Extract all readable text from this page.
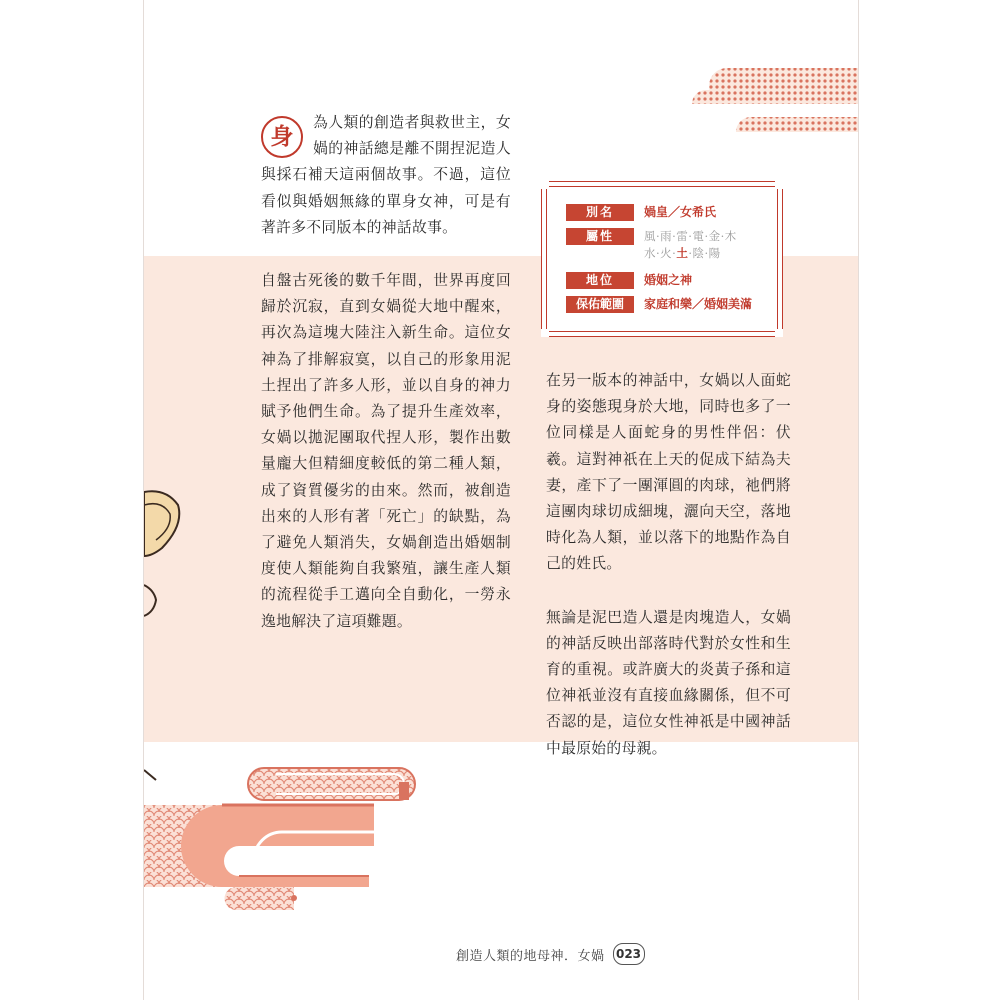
身
為人類的創造者與救世主，女媧的神話總是離不開捏泥造人與採石補天這兩個故事。不過，這位看似與婚姻無緣的單身女神，可是有著許多不同版本的神話故事。

自盤古死後的數千年間，世界再度回歸於沉寂，直到女媧從大地中醒來，再次為這塊大陸注入新生命。這位女神為了排解寂寞，以自己的形象用泥土捏出了許多人形，並以自身的神力賦予他們生命。為了提升生產效率，女媧以拋泥團取代捏人形，製作出數量龐大但精細度較低的第二種人類，成了資質優劣的由來。然而，被創造出來的人形有著「死亡」的缺點，為了避免人類消失，女媧創造出婚姻制度使人類能夠自我繁殖，讓生產人類的流程從手工邁向全自動化，一勞永逸地解決了這項難題。

別名	媧皇／女希氏
屬性	風·雨·雷·電·金·木
水·火·土·陰·陽
地位	婚姻之神
保佑範圍	家庭和樂／婚姻美滿

在另一版本的神話中，女媧以人面蛇身的姿態現身於大地，同時也多了一位同樣是人面蛇身的男性伴侶：伏羲。這對神祇在上天的促成下結為夫妻，產下了一團渾圓的肉球，祂們將這團肉球切成細塊，灑向天空，落地時化為人類，並以落下的地點作為自己的姓氏。

無論是泥巴造人還是肉塊造人，女媧的神話反映出部落時代對於女性和生育的重視。或許廣大的炎黃子孫和這位神祇並沒有直接血緣關係，但不可否認的是，這位女性神祇是中國神話中最原始的母親。

創造人類的地母神．女媧 023
